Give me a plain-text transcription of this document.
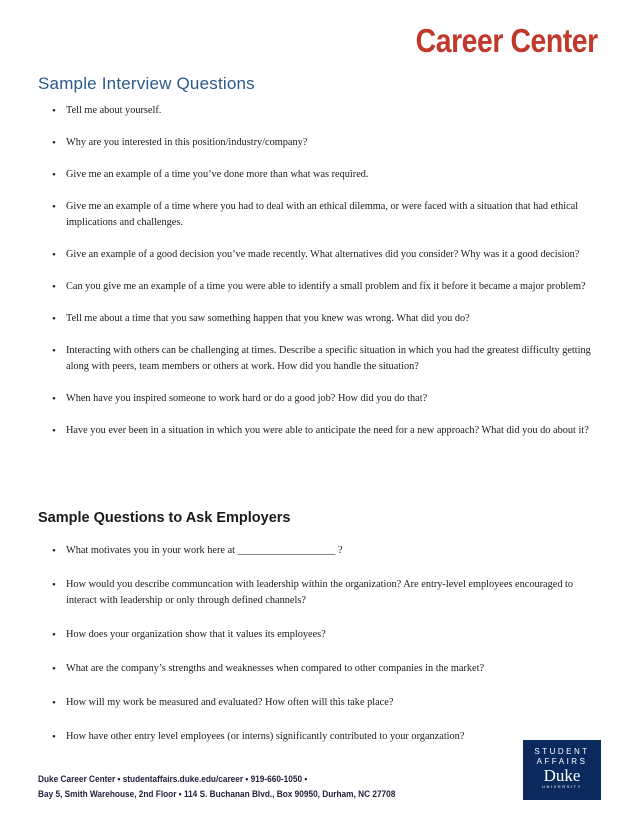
Career Center
Sample Interview Questions
• Tell me about yourself.
• Why are you interested in this position/industry/company?
• Give me an example of a time you’ve done more than what was required.
• Give me an example of a time where you had to deal with an ethical dilemma, or were faced with a situation that had ethical implications and challenges.
• Give an example of a good decision you’ve made recently. What alternatives did you consider? Why was it a good decision?
• Can you give me an example of a time you were able to identify a small problem and fix it before it became a major problem?
• Tell me about a time that you saw something happen that you knew was wrong. What did you do?
• Interacting with others can be challenging at times. Describe a specific situation in which you had the greatest difficulty getting along with peers, team members or others at work. How did you handle the situation?
• When have you inspired someone to work hard or do a good job? How did you do that?
• Have you ever been in a situation in which you were able to anticipate the need for a new approach? What did you do about it?
Sample Questions to Ask Employers
• What motivates you in your work here at ___________________ ?
• How would you describe communcation with leadership within the organization? Are entry-level employees encouraged to interact with leadership or only through defined channels?
• How does your organization show that it values its employees?
• What are the company’s strengths and weaknesses when compared to other companies in the market?
• How will my work be measured and evaluated? How often will this take place?
• How have other entry level employees (or interns) significantly contributed to your organzation?
Duke Career Center • studentaffairs.duke.edu/career • 919-660-1050 •
Bay 5, Smith Warehouse, 2nd Floor • 114 S. Buchanan Blvd., Box 90950, Durham, NC 27708
STUDENT
AFFAIRS
Duke
UNIVERSITY
